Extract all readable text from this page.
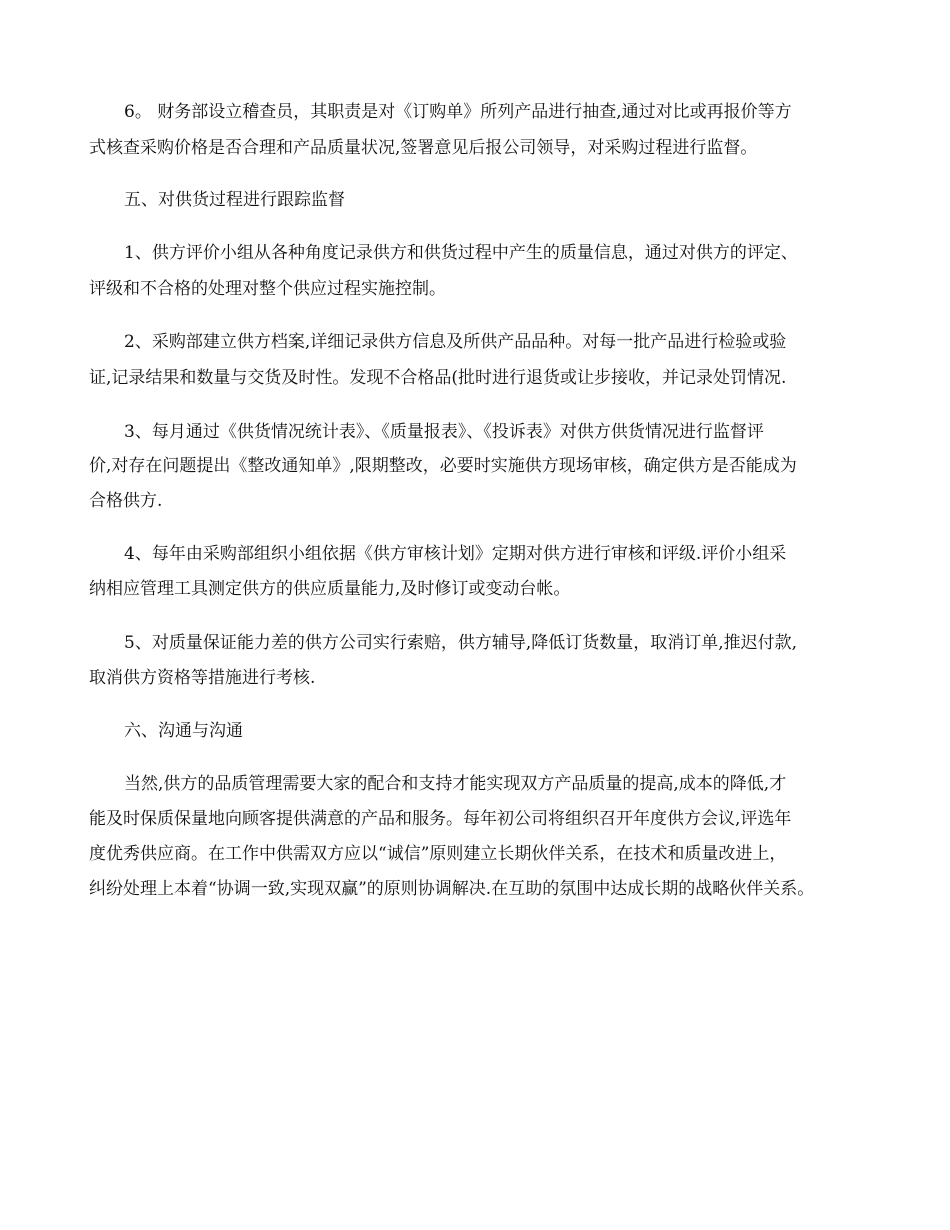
6。 财务部设立稽查员，其职责是对《订购单》所列产品进行抽查,通过对比或再报价等方
式核查采购价格是否合理和产品质量状况,签署意见后报公司领导，对采购过程进行监督。
五、对供货过程进行跟踪监督
1、供方评价小组从各种角度记录供方和供货过程中产生的质量信息，通过对供方的评定、
评级和不合格的处理对整个供应过程实施控制。
2、采购部建立供方档案,详细记录供方信息及所供产品品种。对每一批产品进行检验或验
证,记录结果和数量与交货及时性。发现不合格品(批时进行退货或让步接收，并记录处罚情况.
3、每月通过《供货情况统计表》、《质量报表》、《投诉表》对供方供货情况进行监督评
价,对存在问题提出《整改通知单》,限期整改，必要时实施供方现场审核，确定供方是否能成为
合格供方.
4、每年由采购部组织小组依据《供方审核计划》定期对供方进行审核和评级.评价小组采
纳相应管理工具测定供方的供应质量能力,及时修订或变动台帐。
5、对质量保证能力差的供方公司实行索赔，供方辅导,降低订货数量，取消订单,推迟付款,
取消供方资格等措施进行考核.
六、沟通与沟通
当然,供方的品质管理需要大家的配合和支持才能实现双方产品质量的提高,成本的降低,才
能及时保质保量地向顾客提供满意的产品和服务。每年初公司将组织召开年度供方会议,评选年
度优秀供应商。在工作中供需双方应以“诚信”原则建立长期伙伴关系，在技术和质量改进上，
纠纷处理上本着“协调一致,实现双赢”的原则协调解决.在互助的氛围中达成长期的战略伙伴关系。
